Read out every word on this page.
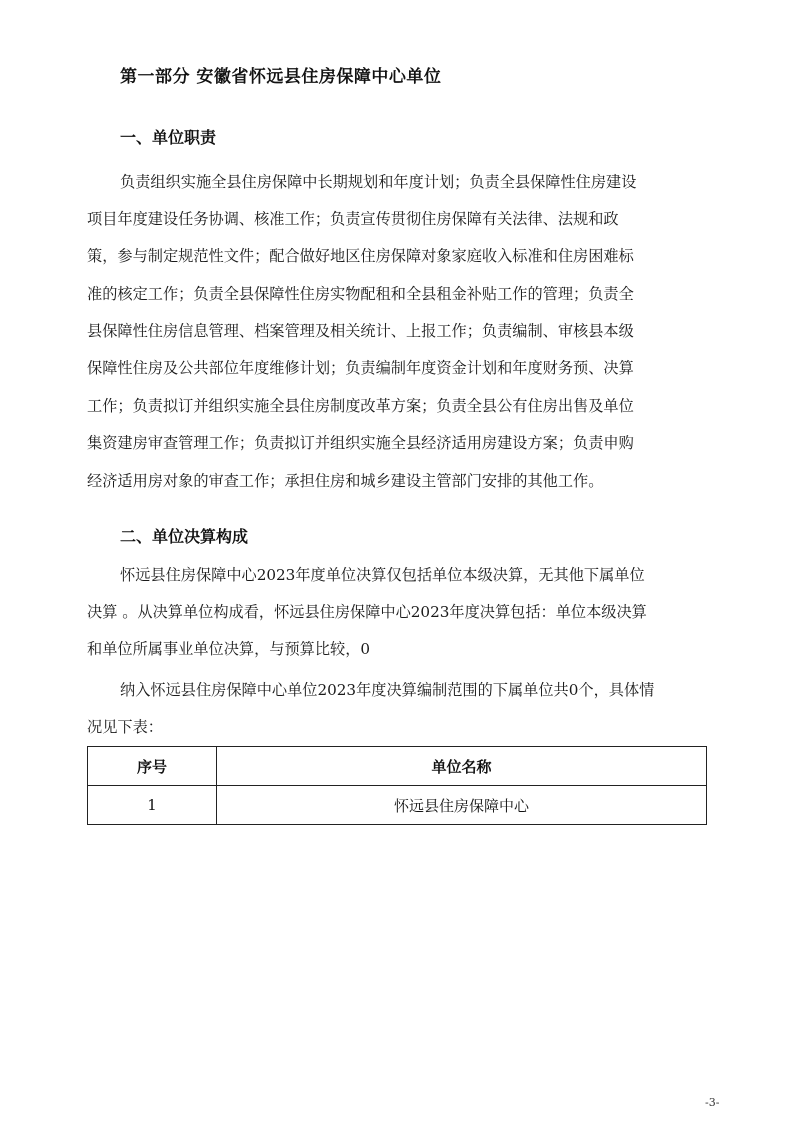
第一部分 安徽省怀远县住房保障中心单位
一、单位职责
负责组织实施全县住房保障中长期规划和年度计划；负责全县保障性住房建设
项目年度建设任务协调、核准工作；负责宣传贯彻住房保障有关法律、法规和政
策，参与制定规范性文件；配合做好地区住房保障对象家庭收入标准和住房困难标
准的核定工作；负责全县保障性住房实物配租和全县租金补贴工作的管理；负责全
县保障性住房信息管理、档案管理及相关统计、上报工作；负责编制、审核县本级
保障性住房及公共部位年度维修计划；负责编制年度资金计划和年度财务预、决算
工作；负责拟订并组织实施全县住房制度改革方案；负责全县公有住房出售及单位
集资建房审查管理工作；负责拟订并组织实施全县经济适用房建设方案；负责申购
经济适用房对象的审查工作；承担住房和城乡建设主管部门安排的其他工作。
二、单位决算构成
怀远县住房保障中心2023年度单位决算仅包括单位本级决算，无其他下属单位
决算 。从决算单位构成看，怀远县住房保障中心2023年度决算包括：单位本级决算
和单位所属事业单位决算，与预算比较，0
纳入怀远县住房保障中心单位2023年度决算编制范围的下属单位共0个，具体情
况见下表：
序号	单位名称
1	怀远县住房保障中心
-3-
